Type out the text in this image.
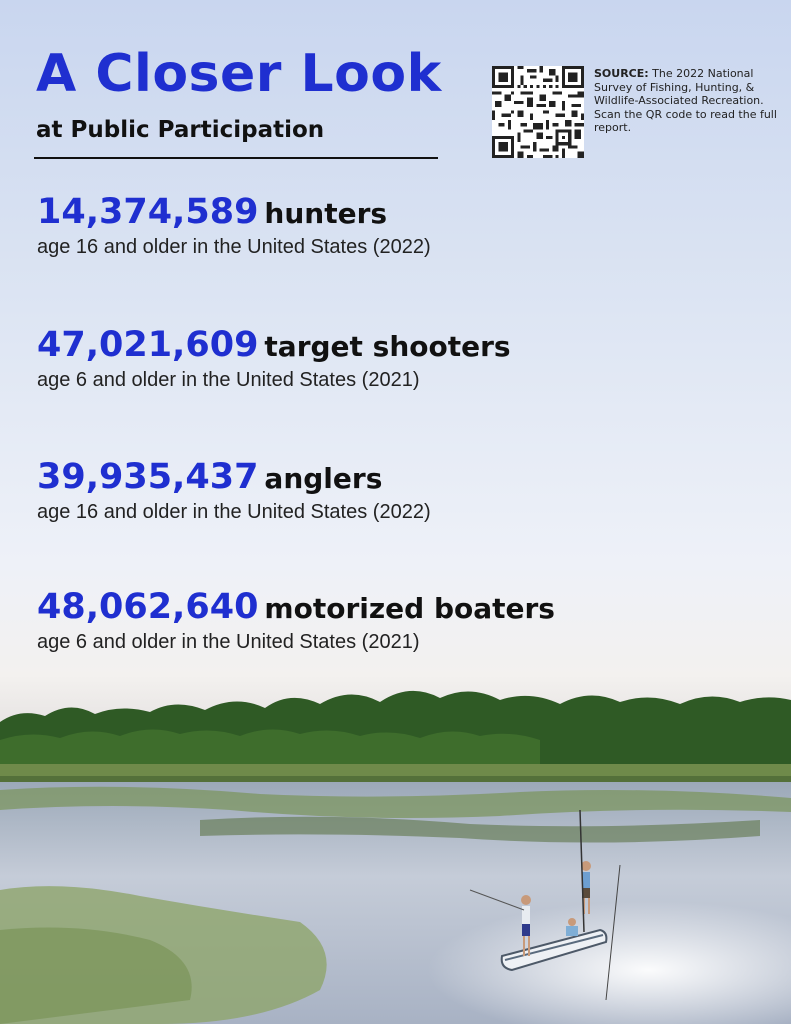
A Closer Look
at Public Participation
SOURCE: The 2022 National Survey of Fishing, Hunting, & Wildlife-Associated Recreation. Scan the QR code to read the full report.
14,374,589 hunters
age 16 and older in the United States (2022)
47,021,609 target shooters
age 6 and older in the United States (2021)
39,935,437 anglers
age 16 and older in the United States (2022)
48,062,640 motorized boaters
age 6 and older in the United States (2021)
